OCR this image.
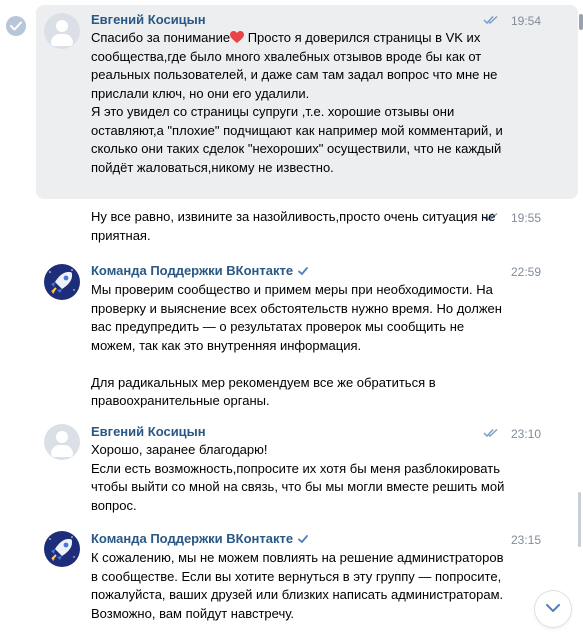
Евгений Косицын	19:54

Спасибо за понимание Просто я доверился страницы в VK их сообщества,где было много хвалебных отзывов вроде бы как от реальных пользователей, и даже сам там задал вопрос что мне не прислали ключ, но они его удалили.

Я это увидел со страницы супруги ,т.е. хорошие отзывы они оставляют,а "плохие" подчищают как например мой комментарий, и сколько они таких сделок "нехороших" осуществили, что не каждый пойдёт жаловаться,никому не известно.

19:55
Ну все равно, извините за назойливость,просто очень ситуация не приятная.
Команда Поддержки ВКонтакте	22:59

Мы проверим сообщество и примем меры при необходимости. На проверку и выяснение всех обстоятельств нужно время. Но должен вас предупредить — о результатах проверок мы сообщить не можем, так как это внутренняя информация.

Для радикальных мер рекомендуем все же обратиться в правоохранительные органы.

Евгений Косицын	23:10

Хорошо, заранее благодарю!

Если есть возможность,попросите их хотя бы меня разблокировать чтобы выйти со мной на связь, что бы мы могли вместе решить мой вопрос.

Команда Поддержки ВКонтакте	23:15
К сожалению, мы не можем повлиять на решение администраторов в сообществе. Если вы хотите вернуться в эту группу — попросите, пожалуйста, ваших друзей или близких написать администраторам. Возможно, вам пойдут навстречу.
